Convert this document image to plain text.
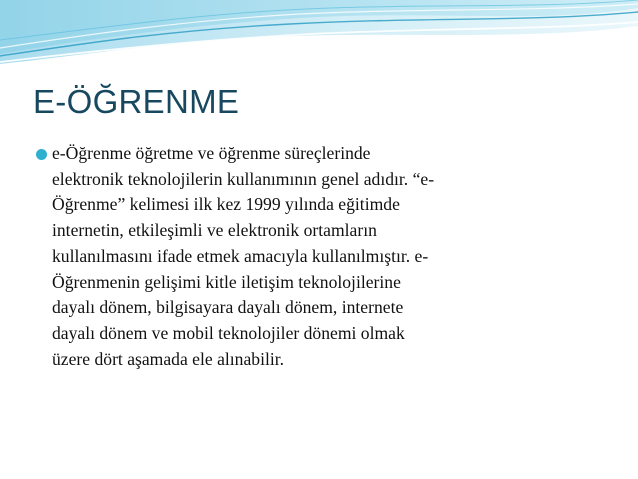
E-ÖĞRENME

e-Öğrenme öğretme ve öğrenme süreçlerinde
elektronik teknolojilerin kullanımının genel adıdır. “e-
Öğrenme” kelimesi ilk kez 1999 yılında eğitimde
internetin, etkileşimli ve elektronik ortamların
kullanılmasını ifade etmek amacıyla kullanılmıştır. e-
Öğrenmenin gelişimi kitle iletişim teknolojilerine
dayalı dönem, bilgisayara dayalı dönem, internete
dayalı dönem ve mobil teknolojiler dönemi olmak
üzere dört aşamada ele alınabilir.
